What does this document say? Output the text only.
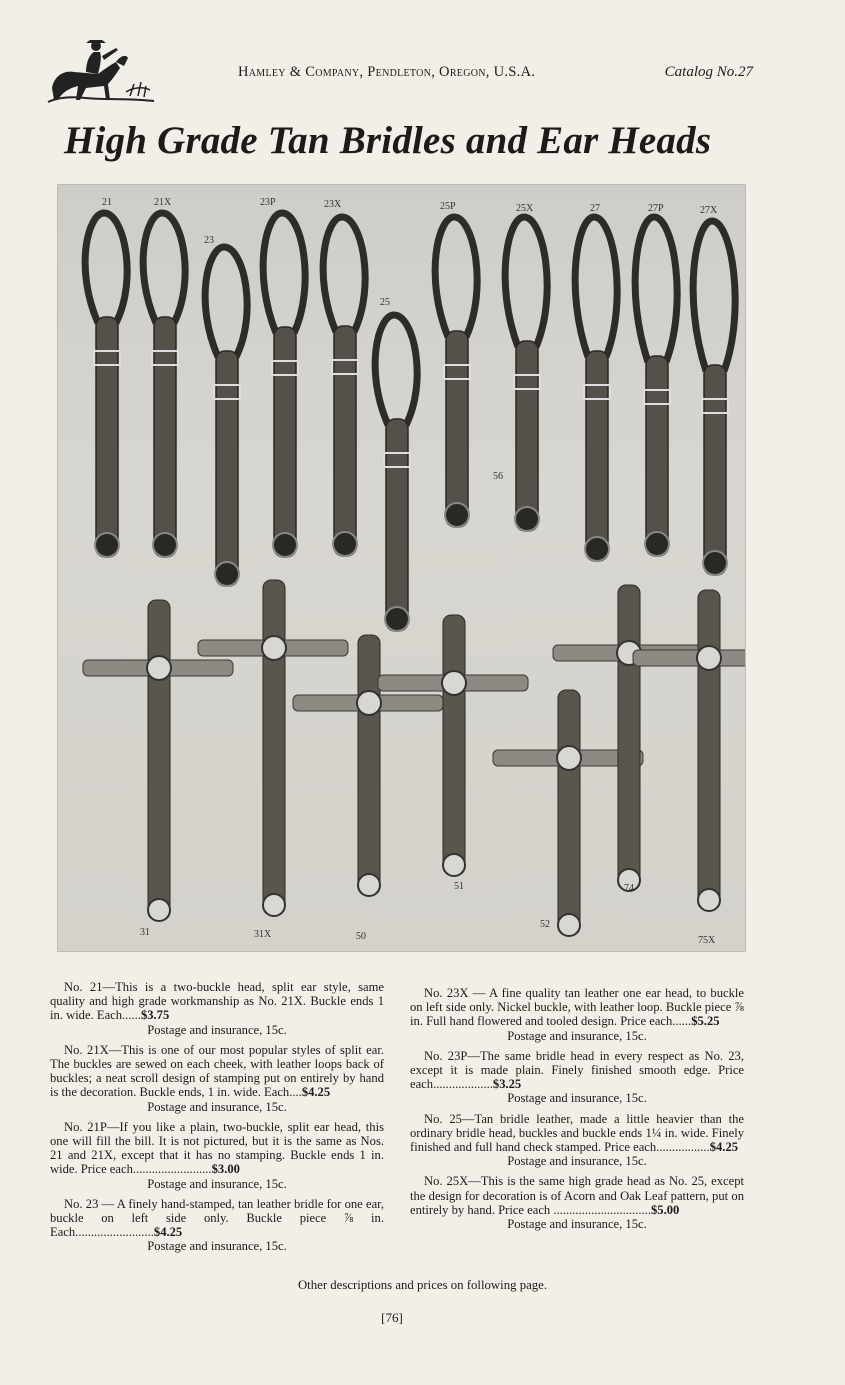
Hamley & Company, Pendleton, Oregon, U.S.A.	Catalog No.27
High Grade Tan Bridles and Ear Heads
21	21X
23
23P	23X
25
25P	25X	27	27P	27X
56
31	31X	50
51
52
74
75X

No. 21—This is a two-buckle head, split ear style, same quality and high grade workmanship as No. 21X. Buckle ends 1 in. wide. Each......$3.75

Postage and insurance, 15c.

No. 21X—This is one of our most popular styles of split ear. The buckles are sewed on each cheek, with leather loops back of buckles; a neat scroll design of stamping put on entirely by hand is the decoration. Buckle ends, 1 in. wide. Each....$4.25

Postage and insurance, 15c.

No. 21P—If you like a plain, two-buckle, split ear head, this one will fill the bill. It is not pictured, but it is the same as Nos. 21 and 21X, except that it has no stamping. Buckle ends 1 in. wide. Price each.........................$3.00

Postage and insurance, 15c.

No. 23 — A finely hand-stamped, tan leather bridle for one ear, buckle on left side only. Buckle piece ⅞ in. Each.........................$4.25

Postage and insurance, 15c.

No. 23X — A fine quality tan leather one ear head, to buckle on left side only. Nickel buckle, with leather loop. Buckle piece ⅞ in. Full hand flowered and tooled design. Price each......$5.25

Postage and insurance, 15c.

No. 23P—The same bridle head in every respect as No. 23, except it is made plain. Finely finished smooth edge. Price each...................$3.25

Postage and insurance, 15c.

No. 25—Tan bridle leather, made a little heavier than the ordinary bridle head, buckles and buckle ends 1¼ in. wide. Finely finished and full hand check stamped. Price each.................$4.25

Postage and insurance, 15c.

No. 25X—This is the same high grade head as No. 25, except the design for decoration is of Acorn and Oak Leaf pattern, put on entirely by hand. Price each ...............................$5.00

Postage and insurance, 15c.
Other descriptions and prices on following page.
[76]
